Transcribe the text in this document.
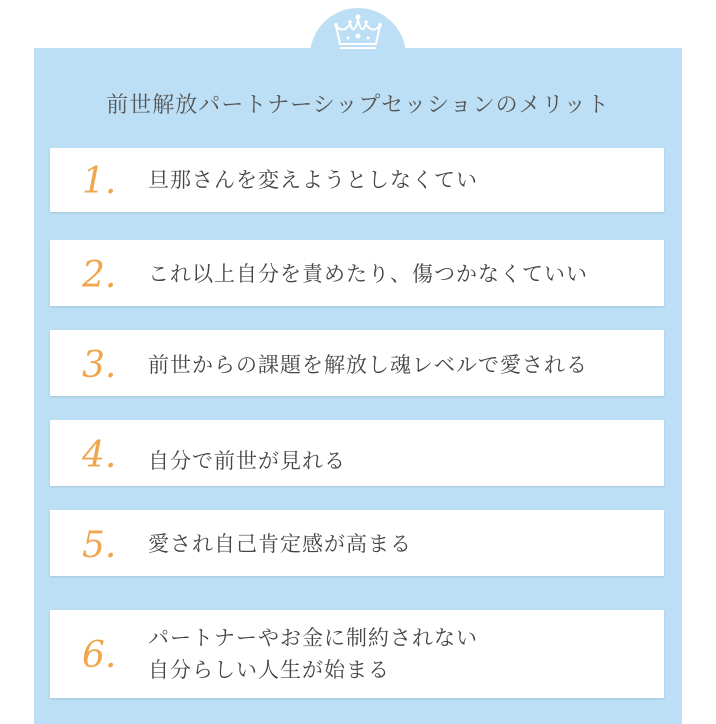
前世解放パートナーシップセッションのメリット
1. 旦那さんを変えようとしなくてい
2. これ以上自分を責めたり、傷つかなくていい
3. 前世からの課題を解放し魂レベルで愛される
4. 自分で前世が見れる
5. 愛され自己肯定感が高まる
6. パートナーやお金に制約されない
自分らしい人生が始まる
